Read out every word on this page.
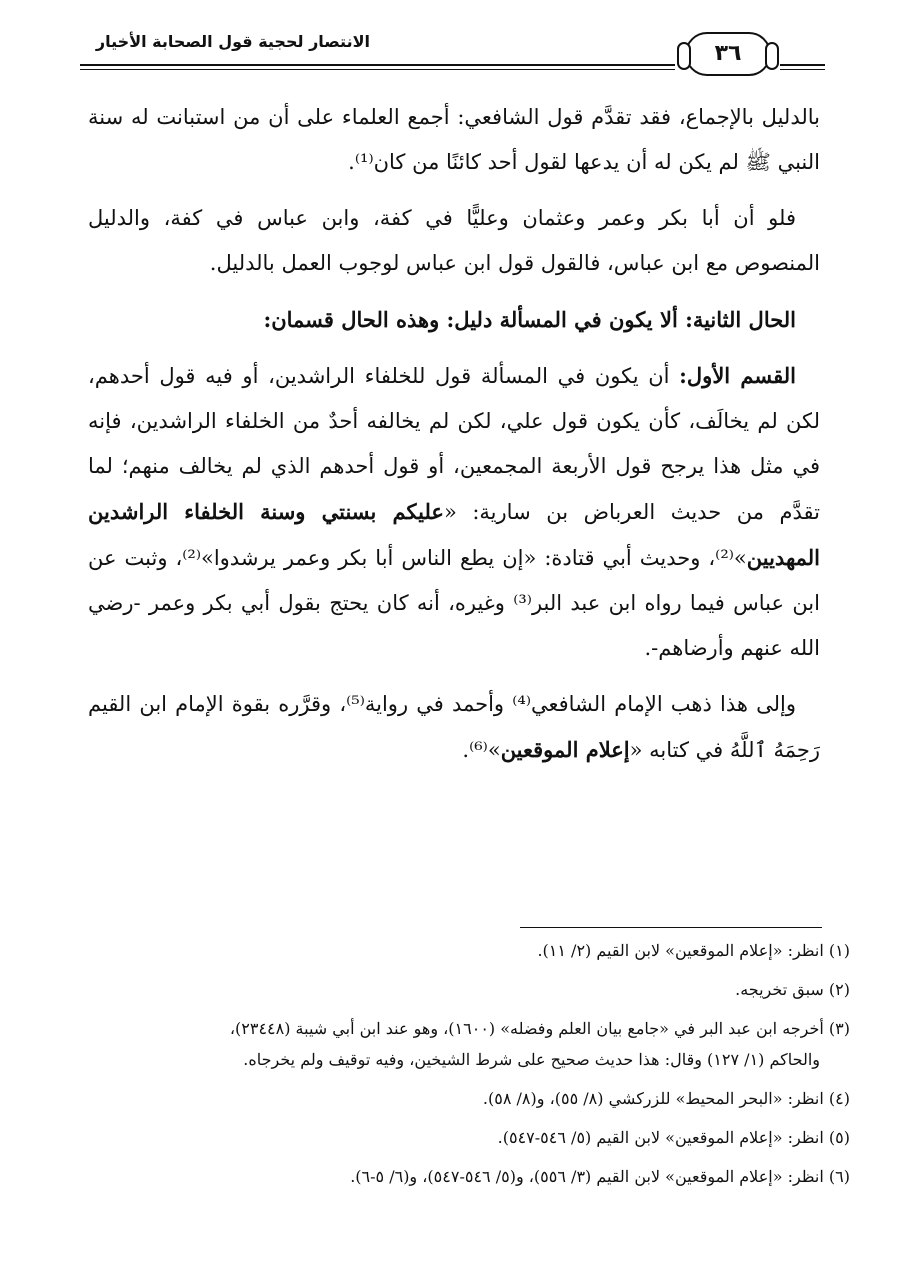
٣٦
الانتصار لحجية قول الصحابة الأخيار

بالدليل بالإجماع، فقد تقدَّم قول الشافعي: أجمع العلماء على أن من استبانت له سنة النبي ﷺ لم يكن له أن يدعها لقول أحد كائنًا من كان⁽¹⁾.

فلو أن أبا بكر وعمر وعثمان وعليًّا في كفة، وابن عباس في كفة، والدليل المنصوص مع ابن عباس، فالقول قول ابن عباس لوجوب العمل بالدليل.

الحال الثانية: ألا يكون في المسألة دليل: وهذه الحال قسمان:

القسم الأول: أن يكون في المسألة قول للخلفاء الراشدين، أو فيه قول أحدهم، لكن لم يخالَف، كأن يكون قول علي، لكن لم يخالفه أحدٌ من الخلفاء الراشدين، فإنه في مثل هذا يرجح قول الأربعة المجمعين، أو قول أحدهم الذي لم يخالف منهم؛ لما تقدَّم من حديث العرباض بن سارية: «عليكم بسنتي وسنة الخلفاء الراشدين المهديين»⁽²⁾، وحديث أبي قتادة: «إن يطع الناس أبا بكر وعمر يرشدوا»⁽²⁾، وثبت عن ابن عباس فيما رواه ابن عبد البر⁽³⁾ وغيره، أنه كان يحتج بقول أبي بكر وعمر -رضي الله عنهم وأرضاهم-.

وإلى هذا ذهب الإمام الشافعي⁽⁴⁾ وأحمد في رواية⁽⁵⁾، وقرَّره بقوة الإمام ابن القيم رَحِمَهُ ٱللَّهُ في كتابه «إعلام الموقعين»⁽⁶⁾.

(١) انظر: «إعلام الموقعين» لابن القيم (٢/ ١١).

(٢) سبق تخريجه.

(٣) أخرجه ابن عبد البر في «جامع بيان العلم وفضله» (١٦٠٠)، وهو عند ابن أبي شيبة (٢٣٤٤٨)،

والحاكم (١/ ١٢٧) وقال: هذا حديث صحيح على شرط الشيخين، وفيه توقيف ولم يخرجاه.

(٤) انظر: «البحر المحيط» للزركشي (٨/ ٥٥)، و(٨/ ٥٨).

(٥) انظر: «إعلام الموقعين» لابن القيم (٥/ ٥٤٦-٥٤٧).

(٦) انظر: «إعلام الموقعين» لابن القيم (٣/ ٥٥٦)، و(٥/ ٥٤٦-٥٤٧)، و(٦/ ٥-٦).
